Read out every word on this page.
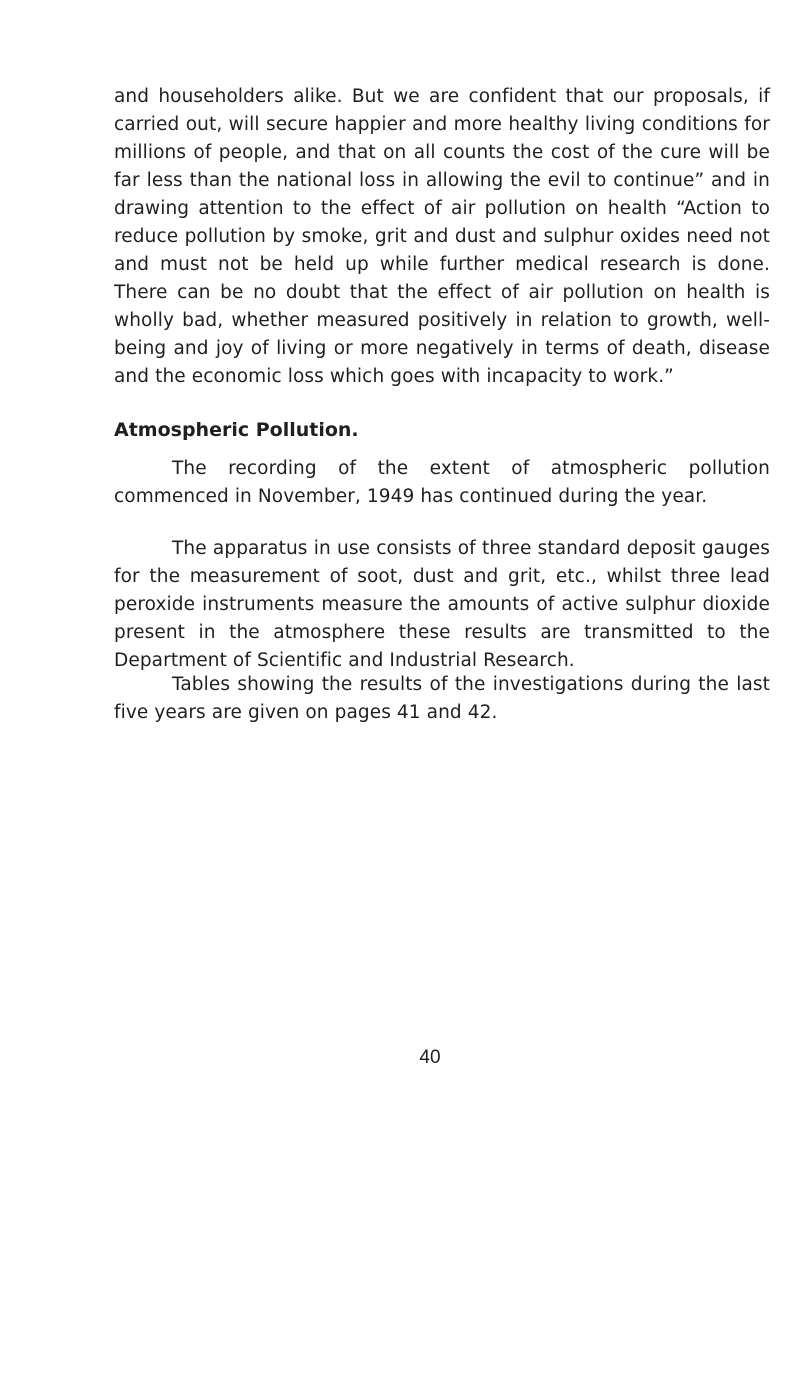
and householders alike. But we are confident that our proposals, if carried out, will secure happier and more healthy living conditions for millions of people, and that on all counts the cost of the cure will be far less than the national loss in allowing the evil to continue” and in drawing attention to the effect of air pollution on health “Action to reduce pollution by smoke, grit and dust and sulphur oxides need not and must not be held up while further medical research is done. There can be no doubt that the effect of air pollution on health is wholly bad, whether measured positively in relation to growth, well-being and joy of living or more negatively in terms of death, disease and the economic loss which goes with incapacity to work.”

Atmospheric Pollution.

The recording of the extent of atmospheric pollution commenced in November, 1949 has continued during the year.

The apparatus in use consists of three standard deposit gauges for the measurement of soot, dust and grit, etc., whilst three lead peroxide instruments measure the amounts of active sulphur dioxide present in the atmosphere these results are transmitted to the Department of Scientific and Industrial Research.

Tables showing the results of the investigations during the last five years are given on pages 41 and 42.

40
